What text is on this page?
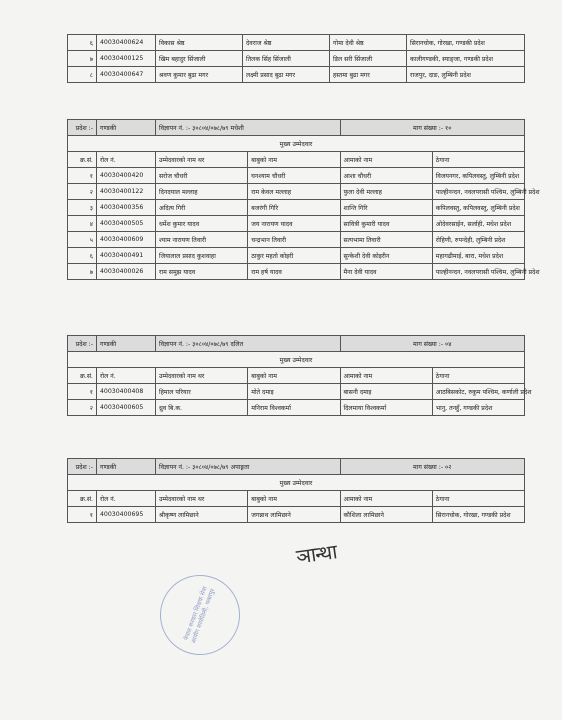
६	40030400624	विकास श्रेष्ठ	देवराज श्रेष्ठ	गोमा देवी श्रेष्ठ	सिरानचोक, गोरखा, गण्डकी प्रदेश
७	40030400125	खिम बहादुर सिंजाली	तिलक सिंह सिंजाली	डिल सरी सिंजाली	कालीगण्डकी, स्याङ्जा, गण्डकी प्रदेश
८	40030400647	श्रवण कुमार बुढा मगर	लक्ष्मी प्रसाद बुढा मगर	हस्तमा बुढा मगर	राजपुर, दाङ, लुम्बिनी प्रदेश
प्रदेश :-	गण्डकी	विज्ञापन नं. :- ३०८०४/०७८/७९ मधेशी		माग संख्या :- १०	
मुख्य उम्मेदवार					
क्र.सं.	रोल नं.	उम्मेदवारको नाम थर	बाबुको नाम	आमाको नाम	ठेगाना
१	40030400420	सरोज चौधरी	घनश्याम चौधरी	आशा चौधरी	विजयनगर, कपिलवस्तु, लुम्बिनी प्रदेश
२	40030400122	दिनदयाल मल्लाह	राम केवल मल्लाह	फुला देवी मल्लाह	पाल्हीनन्दन, नवलपरासी पश्चिम, लुम्बिनी प्रदेश
३	40030400356	अदित्य गिरी	बजरंगी गिरि	शान्ति गिरि	कपिलवस्तु, कपिलवस्तु, लुम्बिनी प्रदेश
४	40030400505	धर्मेश कुमार यादव	जय नारायण यादव	सावित्री कुमारी यादव	ओदेवरसाईन, सर्लाही, मधेश प्रदेश
५	40030400609	श्याम नारायण तिवारी	चन्द्रभान तिवारी	सत्यभामा तिवारी	रोहिणी, रुपन्देही, लुम्बिनी प्रदेश
६	40030400491	जियालाल प्रसाद कुशवाहा	ठाकुर महतो कोइरी	सुन्केशी देवी कोइरीन	महागढीमाई, बारा, मधेश प्रदेश
७	40030400026	राम समुझ यादव	राम हर्ष यादव	मैना देवी यादव	पाल्हीनन्दन, नवलपरासी पश्चिम, लुम्बिनी प्रदेश
प्रदेश :-	गण्डकी	विज्ञापन नं. :- ३०८०४/०७८/७९ दलित		माग संख्या :- ०४	
मुख्य उम्मेदवार					
क्र.सं.	रोल नं.	उम्मेदवारको नाम थर	बाबुको नाम	आमाको नाम	ठेगाना
१	40030400408	हिमाल परियार	मोते दमाइ	बासनी दमाइ	आठबिसकोट, रुकुम पश्चिम, कर्णाली प्रदेश
२	40030400605	ध्रुव बि.क.	मनिराम विश्वकर्मा	दिलमाया विश्वकर्मा	भानु, तनहुँ, गण्डकी प्रदेश
प्रदेश :-	गण्डकी	विज्ञापन नं. :- ३०८०४/०७८/७९ अपाङ्गता		माग संख्या :- ०२	
मुख्य उम्मेदवार					
क्र.सं.	रोल नं.	उम्मेदवारको नाम थर	बाबुको नाम	आमाको नाम	ठेगाना
१	40030400695	श्रीकृष्ण लामिछाने	जगन्नाथ लामिछाने	कौशिला लामिछाने	सिरानचोक, गोरखा, गण्डकी प्रदेश
ञान्था
नेपाल सरकार शिक्षक सेवा आयोग सानोठिमी, भक्तपुर
